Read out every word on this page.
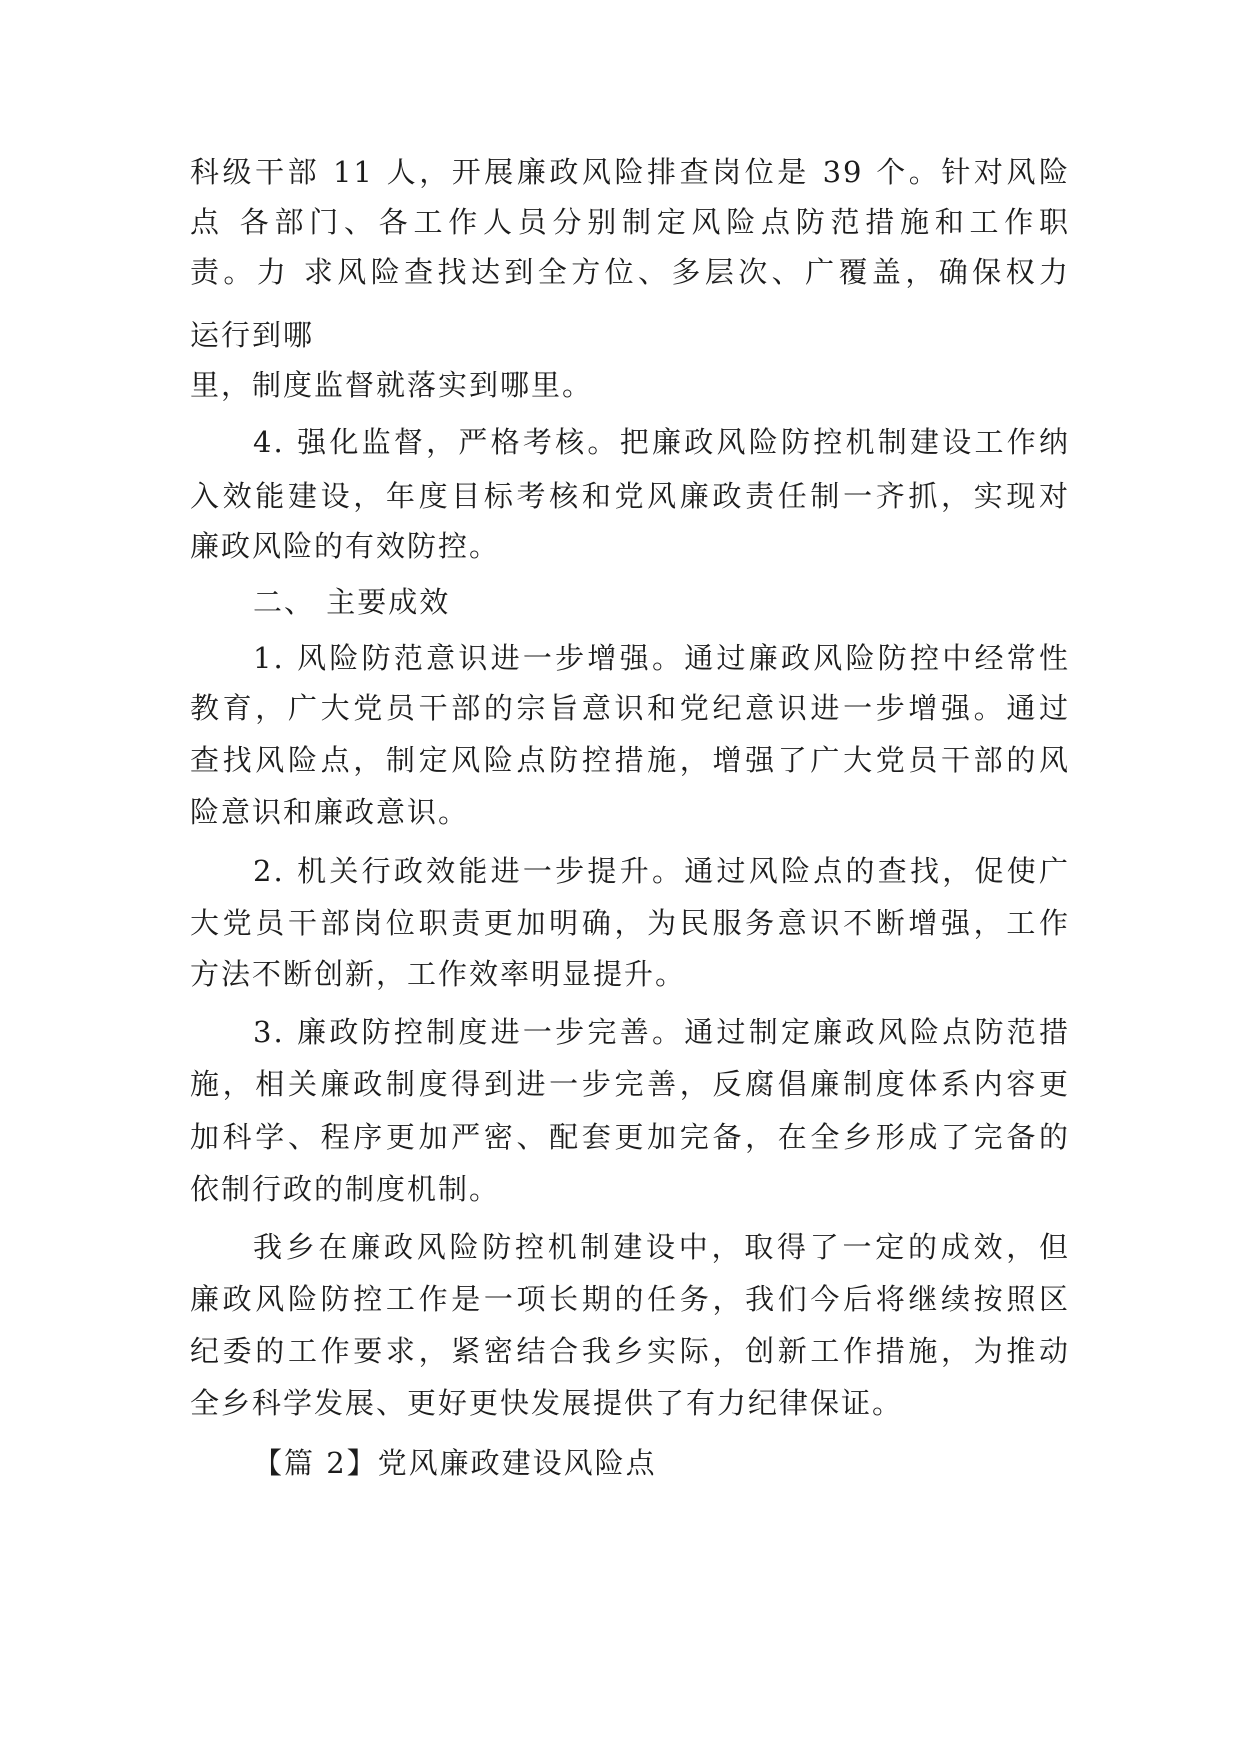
科级干部 11 人，开展廉政风险排查岗位是 39 个。针对风险
点 各部门、各工作人员分别制定风险点防范措施和工作职
责。力 求风险查找达到全方位、多层次、广覆盖，确保权力
运行到哪
里，制度监督就落实到哪里。
4. 强化监督，严格考核。把廉政风险防控机制建设工作纳
入效能建设，年度目标考核和党风廉政责任制一齐抓，实现对
廉政风险的有效防控。
二、 主要成效
1. 风险防范意识进一步增强。通过廉政风险防控中经常性
教育，广大党员干部的宗旨意识和党纪意识进一步增强。通过
查找风险点，制定风险点防控措施，增强了广大党员干部的风
险意识和廉政意识。
2. 机关行政效能进一步提升。通过风险点的查找，促使广
大党员干部岗位职责更加明确，为民服务意识不断增强，工作
方法不断创新，工作效率明显提升。
3. 廉政防控制度进一步完善。通过制定廉政风险点防范措
施，相关廉政制度得到进一步完善，反腐倡廉制度体系内容更
加科学、程序更加严密、配套更加完备，在全乡形成了完备的
依制行政的制度机制。
我乡在廉政风险防控机制建设中，取得了一定的成效，但
廉政风险防控工作是一项长期的任务，我们今后将继续按照区
纪委的工作要求，紧密结合我乡实际，创新工作措施，为推动
全乡科学发展、更好更快发展提供了有力纪律保证。
【篇 2】党风廉政建设风险点
